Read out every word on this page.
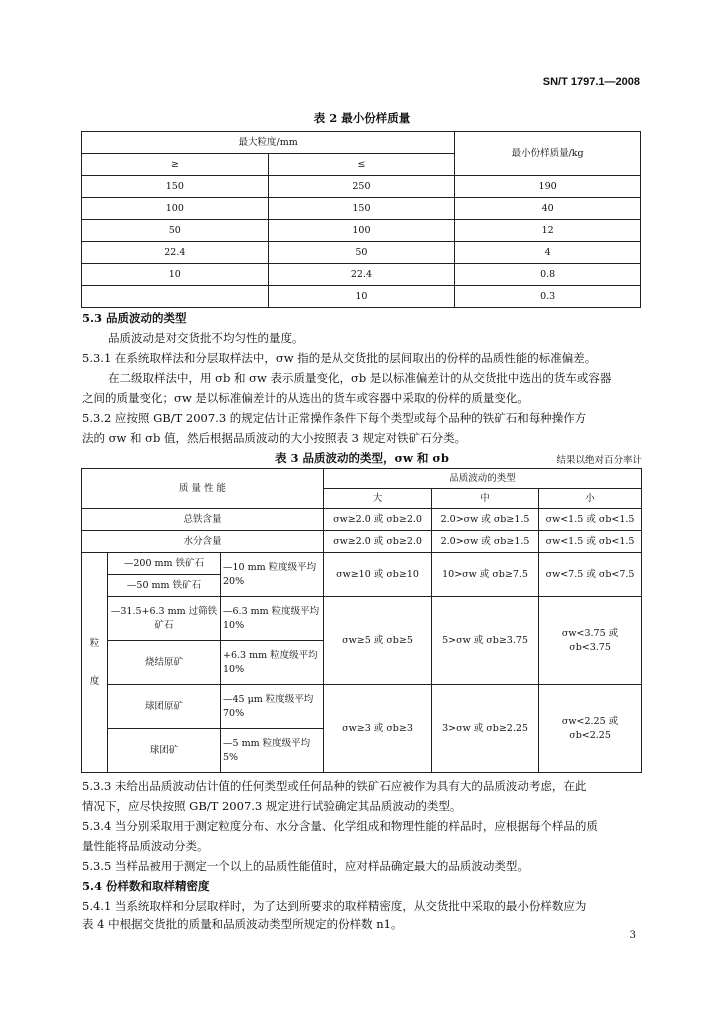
SN/T 1797.1—2008
表 2 最小份样质量
最大粒度/mm		最小份样质量/kg
≥	≤	
150	250	190
100	150	40
50	100	12
22.4	50	4
10	22.4	0.8
	10	0.3
5.3 品质波动的类型
品质波动是对交货批不均匀性的量度。
5.3.1 在系统取样法和分层取样法中，σw 指的是从交货批的层间取出的份样的品质性能的标准偏差。
在二级取样法中，用 σb 和 σw 表示质量变化，σb 是以标准偏差计的从交货批中选出的货车或容器
之间的质量变化；σw 是以标准偏差计的从选出的货车或容器中采取的份样的质量变化。
5.3.2 应按照 GB/T 2007.3 的规定估计正常操作条件下每个类型或每个品种的铁矿石和每种操作方
法的 σw 和 σb 值，然后根据品质波动的大小按照表 3 规定对铁矿石分类。
表 3 品质波动的类型，σw 和 σb	结果以绝对百分率计
质 量 性 能			品质波动的类型		
			大	中	小
总铁含量			σw≥2.0 或 σb≥2.0	2.0>σw 或 σb≥1.5	σw<1.5 或 σb<1.5
水分含量			σw≥2.0 或 σb≥2.0	2.0>σw 或 σb≥1.5	σw<1.5 或 σb<1.5

粒
度	—200 mm 铁矿石	—10 mm 粒度级平均 20%	σw≥10 或 σb≥10	10>σw 或 σb≥7.5	σw<7.5 或 σb<7.5
	—50 mm 铁矿石				
	—31.5+6.3 mm 过筛铁矿石	—6.3 mm 粒度级平均 10%	σw≥5 或 σb≥5	5>σw 或 σb≥3.75	σw<3.75 或 σb<3.75
	烧结原矿	+6.3 mm 粒度级平均 10%			
	球团原矿	—45 μm 粒度级平均 70%	σw≥3 或 σb≥3	3>σw 或 σb≥2.25	σw<2.25 或 σb<2.25
	球团矿	—5 mm 粒度级平均 5%			
5.3.3 未给出品质波动估计值的任何类型或任何品种的铁矿石应被作为具有大的品质波动考虑，在此
情况下，应尽快按照 GB/T 2007.3 规定进行试验确定其品质波动的类型。
5.3.4 当分别采取用于测定粒度分布、水分含量、化学组成和物理性能的样品时，应根据每个样品的质
量性能将品质波动分类。
5.3.5 当样品被用于测定一个以上的品质性能值时，应对样品确定最大的品质波动类型。
5.4 份样数和取样精密度
5.4.1 当系统取样和分层取样时，为了达到所要求的取样精密度，从交货批中采取的最小份样数应为
表 4 中根据交货批的质量和品质波动类型所规定的份样数 n1。
3
